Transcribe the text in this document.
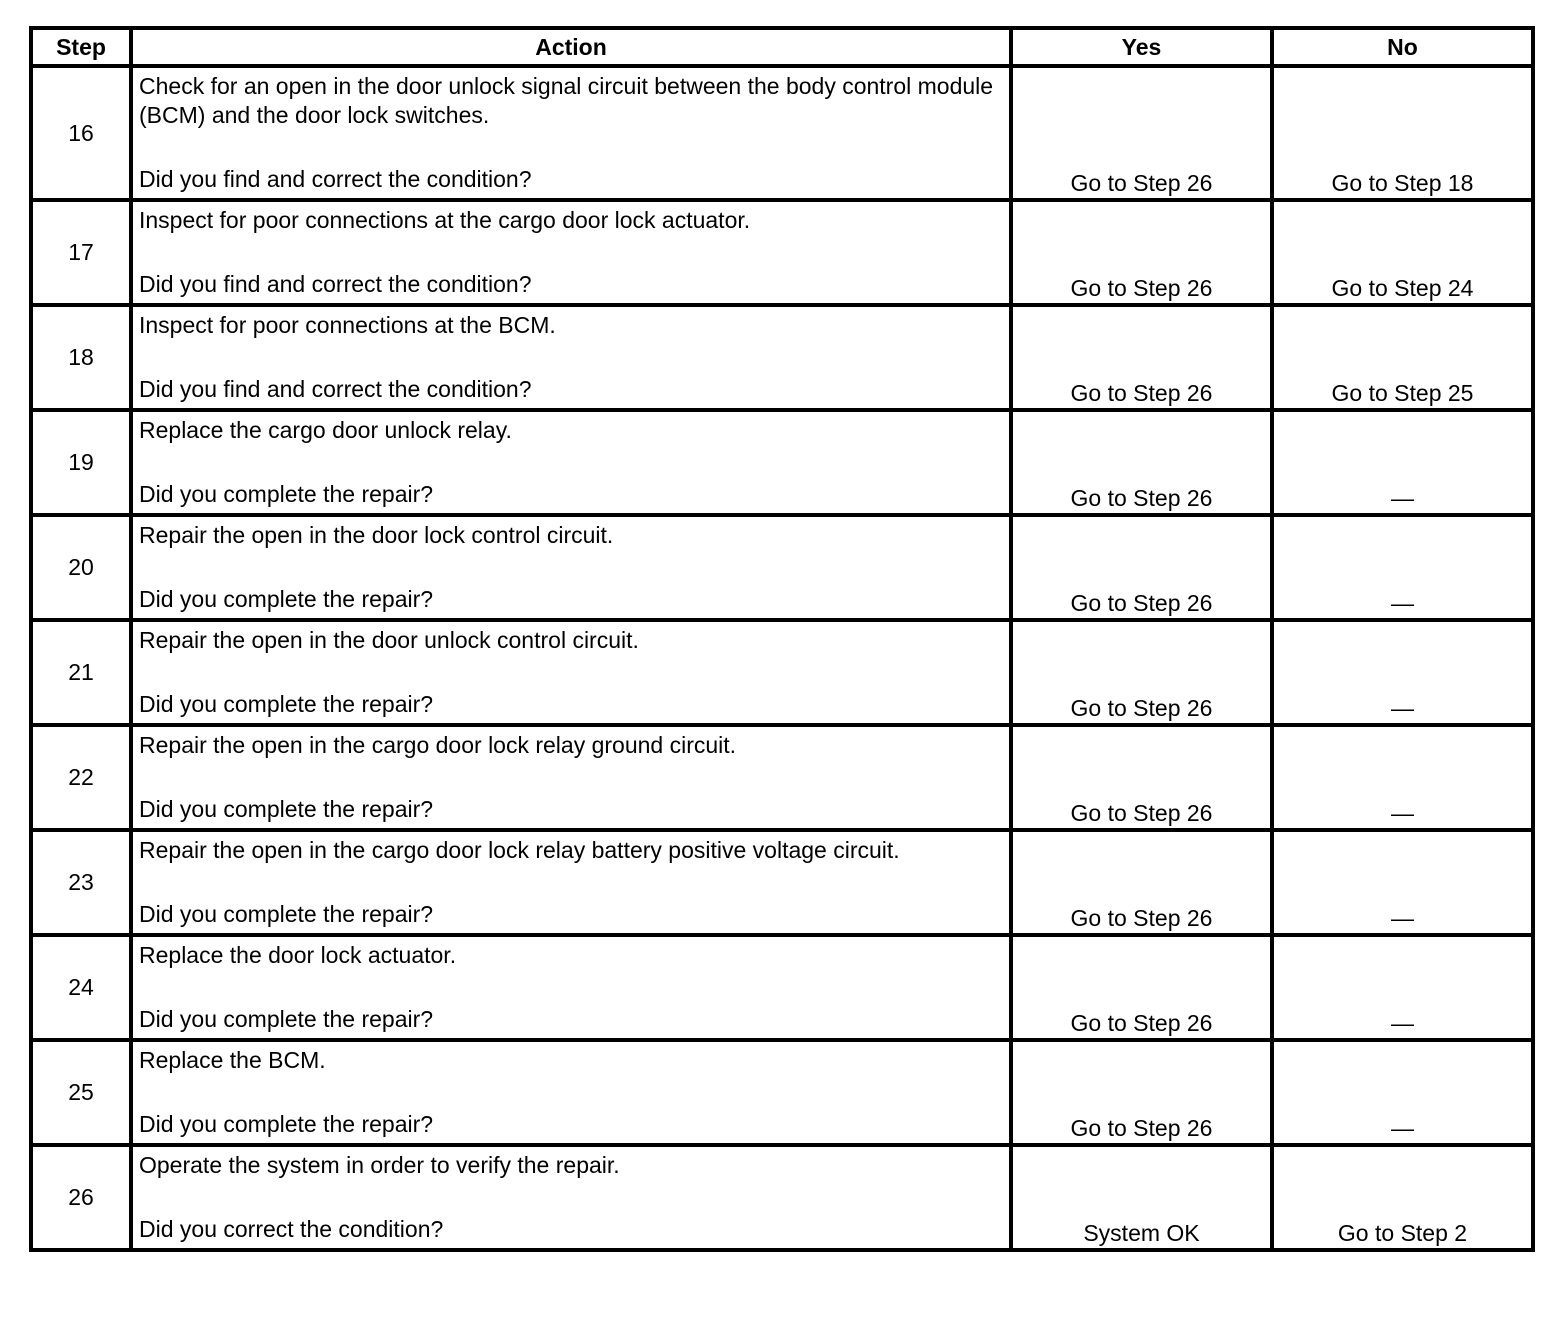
Step	Action	Yes	No
16	Check for an open in the door unlock signal circuit between the body control module (BCM) and the door lock switches.
Did you find and correct the condition?	Go to Step 26	Go to Step 18
17	Inspect for poor connections at the cargo door lock actuator.
Did you find and correct the condition?	Go to Step 26	Go to Step 24
18	Inspect for poor connections at the BCM.
Did you find and correct the condition?	Go to Step 26	Go to Step 25
19	Replace the cargo door unlock relay.
Did you complete the repair?	Go to Step 26	—
20	Repair the open in the door lock control circuit.
Did you complete the repair?	Go to Step 26	—
21	Repair the open in the door unlock control circuit.
Did you complete the repair?	Go to Step 26	—
22	Repair the open in the cargo door lock relay ground circuit.
Did you complete the repair?	Go to Step 26	—
23	Repair the open in the cargo door lock relay battery positive voltage circuit.
Did you complete the repair?	Go to Step 26	—
24	Replace the door lock actuator.
Did you complete the repair?	Go to Step 26	—
25	Replace the BCM.
Did you complete the repair?	Go to Step 26	—
26	Operate the system in order to verify the repair.
Did you correct the condition?	System OK	Go to Step 2
